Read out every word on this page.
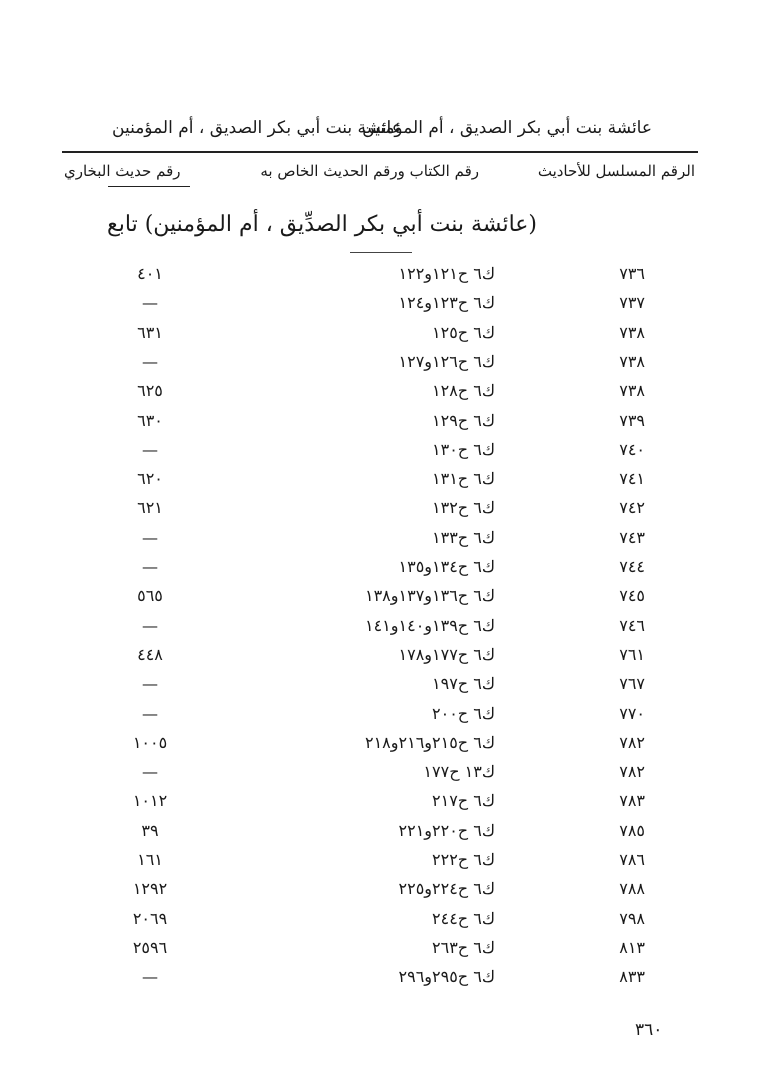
عائشة بنت أبي بكر الصديق ، أم المؤمنين
عائشة بنت أبي بكر الصديق ، أم المؤمنين
الرقم المسلسل للأحاديث
رقم الكتاب ورقم الحديث الخاص به
رقم حديث البخاري
(عائشة بنت أبي بكر الصدِّيق ، أم المؤمنين) تابع
٧٣٦
ك٦ ح١٢١و١٢٢
٤٠١
٧٣٧
ك٦ ح١٢٣و١٢٤
—
٧٣٨
ك٦ ح١٢٥
٦٣١
٧٣٨
ك٦ ح١٢٦و١٢٧
—
٧٣٨
ك٦ ح١٢٨
٦٢٥
٧٣٩
ك٦ ح١٢٩
٦٣٠
٧٤٠
ك٦ ح١٣٠
—
٧٤١
ك٦ ح١٣١
٦٢٠
٧٤٢
ك٦ ح١٣٢
٦٢١
٧٤٣
ك٦ ح١٣٣
—
٧٤٤
ك٦ ح١٣٤و١٣٥
—
٧٤٥
ك٦ ح١٣٦و١٣٧و١٣٨
٥٦٥
٧٤٦
ك٦ ح١٣٩و١٤٠و١٤١
—
٧٦١
ك٦ ح١٧٧و١٧٨
٤٤٨
٧٦٧
ك٦ ح١٩٧
—
٧٧٠
ك٦ ح٢٠٠
—
٧٨٢
ك٦ ح٢١٥و٢١٦و٢١٨
١٠٠٥
٧٨٢
ك١٣ ح١٧٧
—
٧٨٣
ك٦ ح٢١٧
١٠١٢
٧٨٥
ك٦ ح٢٢٠و٢٢١
٣٩
٧٨٦
ك٦ ح٢٢٢
١٦١
٧٨٨
ك٦ ح٢٢٤و٢٢٥
١٢٩٢
٧٩٨
ك٦ ح٢٤٤
٢٠٦٩
٨١٣
ك٦ ح٢٦٣
٢٥٩٦
٨٣٣
ك٦ ح٢٩٥و٢٩٦
—
٣٦٠
